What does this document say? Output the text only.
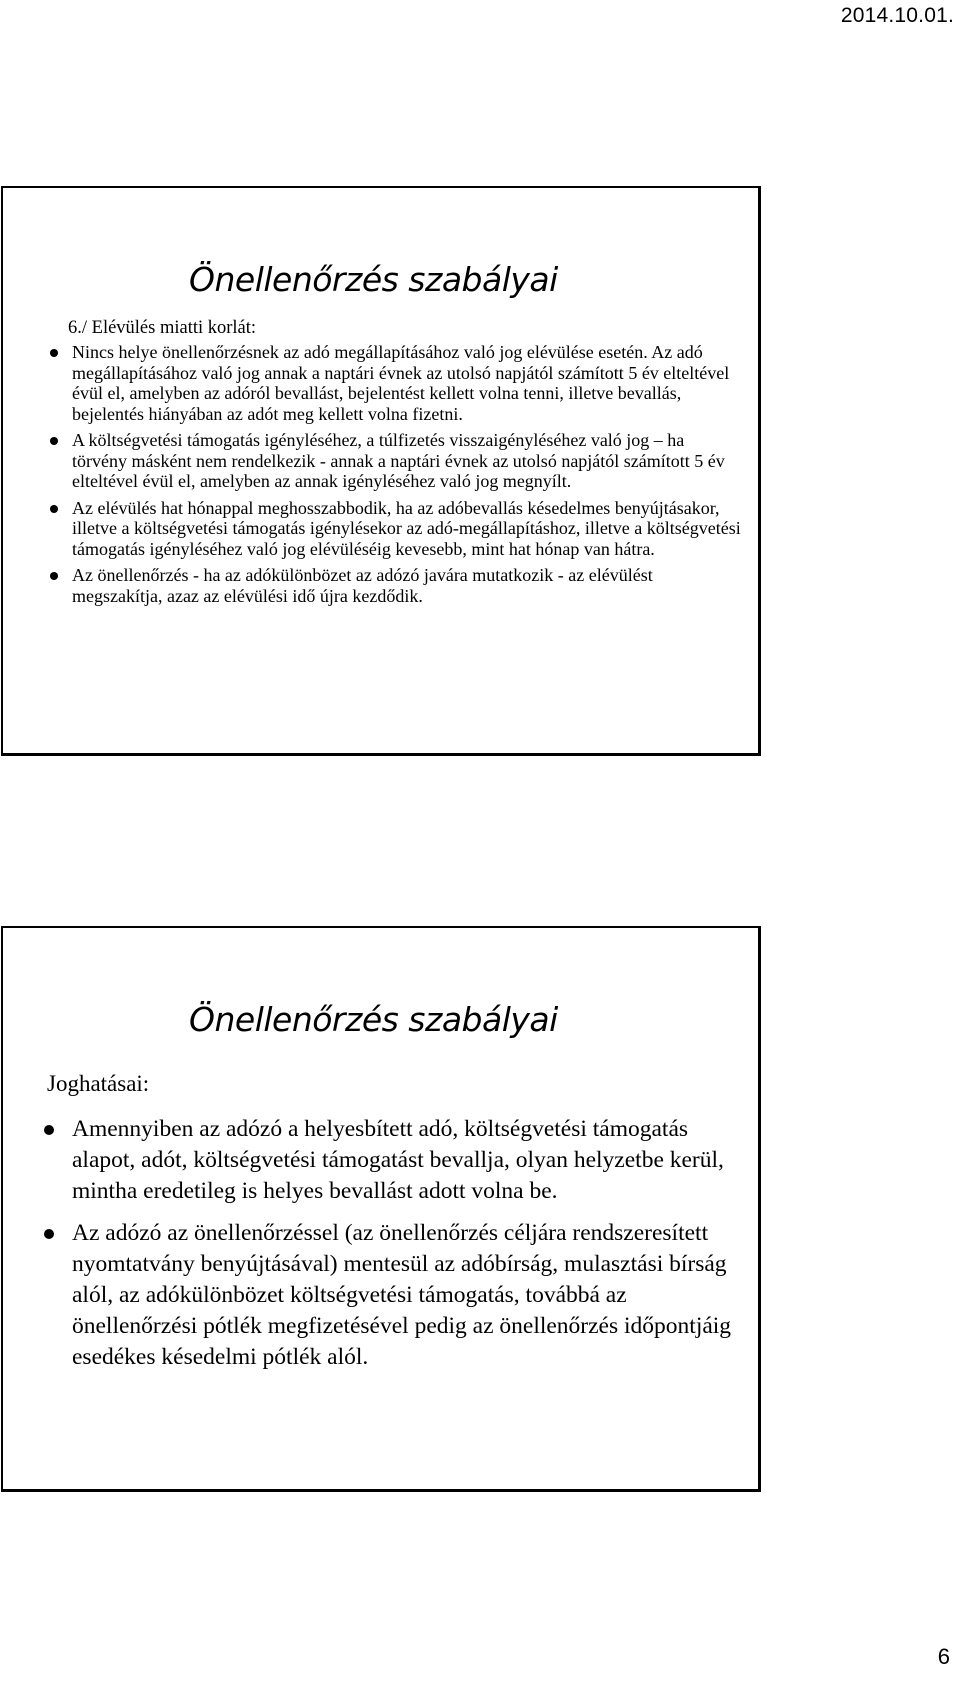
2014.10.01.
Önellenőrzés szabályai
6./ Elévülés miatti korlát:
Nincs helye önellenőrzésnek az adó megállapításához való jog elévülése esetén. Az adó megállapításához való jog annak a naptári évnek az utolsó napjától számított 5 év elteltével évül el, amelyben az adóról bevallást, bejelentést kellett volna tenni, illetve bevallás, bejelentés hiányában az adót meg kellett volna fizetni.
A költségvetési támogatás igényléséhez, a túlfizetés visszaigényléséhez való jog – ha törvény másként nem rendelkezik - annak a naptári évnek az utolsó napjától számított 5 év elteltével évül el, amelyben az annak igényléséhez való jog megnyílt.
Az elévülés hat hónappal meghosszabbodik, ha az adóbevallás késedelmes benyújtásakor, illetve a költségvetési támogatás igénylésekor az adó-megállapításhoz, illetve a költségvetési támogatás igényléséhez való jog elévüléséig kevesebb, mint hat hónap van hátra.
Az önellenőrzés - ha az adókülönbözet az adózó javára mutatkozik - az elévülést megszakítja, azaz az elévülési idő újra kezdődik.
Önellenőrzés szabályai
Joghatásai:
Amennyiben az adózó a helyesbített adó, költségvetési támogatás alapot, adót, költségvetési támogatást bevallja, olyan helyzetbe kerül, mintha eredetileg is helyes bevallást adott volna be.
Az adózó az önellenőrzéssel (az önellenőrzés céljára rendszeresített nyomtatvány benyújtásával) mentesül az adóbírság, mulasztási bírság alól, az adókülönbözet költségvetési támogatás, továbbá az önellenőrzési pótlék megfizetésével pedig az önellenőrzés időpontjáig esedékes késedelmi pótlék alól.
6
